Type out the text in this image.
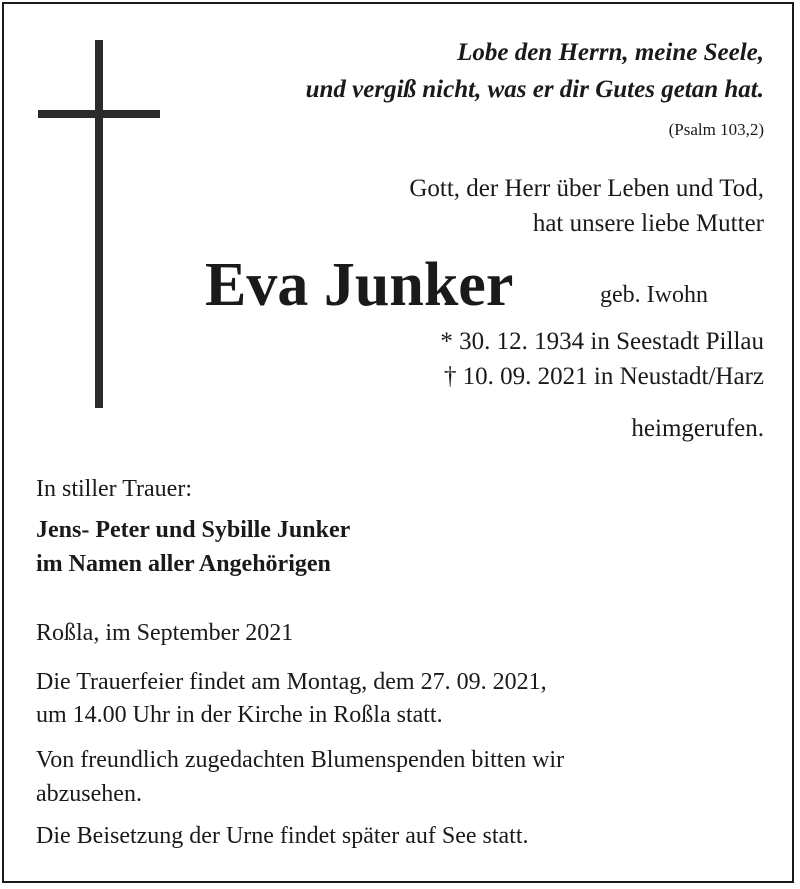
Lobe den Herrn, meine Seele,
und vergiß nicht, was er dir Gutes getan hat.
(Psalm 103,2)
Gott, der Herr über Leben und Tod,
hat unsere liebe Mutter
Eva Junker	geb. Iwohn
* 30. 12. 1934 in Seestadt Pillau
† 10. 09. 2021 in Neustadt/Harz
heimgerufen.
In stiller Trauer:
Jens- Peter und Sybille Junker
im Namen aller Angehörigen
Roßla, im September 2021
Die Trauerfeier findet am Montag, dem 27. 09. 2021,
um 14.00 Uhr in der Kirche in Roßla statt.
Von freundlich zugedachten Blumenspenden bitten wir
abzusehen.
Die Beisetzung der Urne findet später auf See statt.
